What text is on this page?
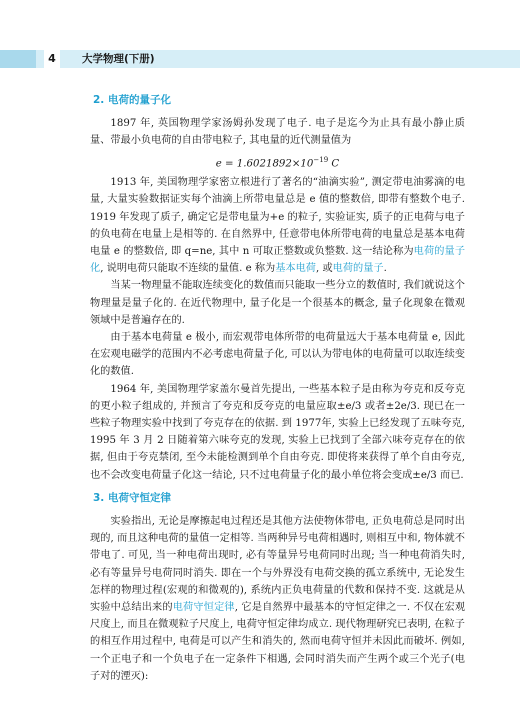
4	大学物理(下册)
2. 电荷的量子化

1897 年, 英国物理学家汤姆孙发现了电子. 电子是迄今为止具有最小静止质量、带最小负电荷的自由带电粒子, 其电量的近代测量值为

$e = 1.6021892\times 10^{-19}$ C

1913 年, 美国物理学家密立根进行了著名的“油滴实验”, 测定带电油雾滴的电量, 大量实验数据证实每个油滴上所带电量总是 e 值的整数倍, 即带有整数个电子. 1919 年发现了质子, 确定它是带电量为+e 的粒子, 实验证实, 质子的正电荷与电子的负电荷在电量上是相等的. 在自然界中, 任意带电体所带电荷的电量总是基本电荷电量 e 的整数倍, 即 q=ne, 其中 n 可取正整数或负整数. 这一结论称为电荷的量子化, 说明电荷只能取不连续的量值. e 称为基本电荷, 或电荷的量子.

当某一物理量不能取连续变化的数值而只能取一些分立的数值时, 我们就说这个物理量是量子化的. 在近代物理中, 量子化是一个很基本的概念, 量子化现象在微观领域中是普遍存在的.

由于基本电荷量 e 极小, 而宏观带电体所带的电荷量远大于基本电荷量 e, 因此在宏观电磁学的范围内不必考虑电荷量子化, 可以认为带电体的电荷量可以取连续变化的数值.

1964 年, 美国物理学家盖尔曼首先提出, 一些基本粒子是由称为夸克和反夸克的更小粒子组成的, 并预言了夸克和反夸克的电量应取±e/3 或者±2e/3. 现已在一些粒子物理实验中找到了夸克存在的依据. 到 1977年, 实验上已经发现了五味夸克, 1995 年 3 月 2 日随着第六味夸克的发现, 实验上已找到了全部六味夸克存在的依据, 但由于夸克禁闭, 至今未能检测到单个自由夸克. 即使将来获得了单个自由夸克, 也不会改变电荷量子化这一结论, 只不过电荷量子化的最小单位将会变成±e/3 而已.

3. 电荷守恒定律

实验指出, 无论是摩擦起电过程还是其他方法使物体带电, 正负电荷总是同时出现的, 而且这种电荷的量值一定相等. 当两种异号电荷相遇时, 则相互中和, 物体就不带电了. 可见, 当一种电荷出现时, 必有等量异号电荷同时出现; 当一种电荷消失时, 必有等量异号电荷同时消失. 即在一个与外界没有电荷交换的孤立系统中, 无论发生怎样的物理过程(宏观的和微观的), 系统内正负电荷量的代数和保持不变. 这就是从实验中总结出来的电荷守恒定律, 它是自然界中最基本的守恒定律之一. 不仅在宏观尺度上, 而且在微观粒子尺度上, 电荷守恒定律均成立. 现代物理研究已表明, 在粒子的相互作用过程中, 电荷是可以产生和消失的, 然而电荷守恒并未因此而破坏. 例如, 一个正电子和一个负电子在一定条件下相遇, 会同时消失而产生两个或三个光子(电子对的湮灭):
